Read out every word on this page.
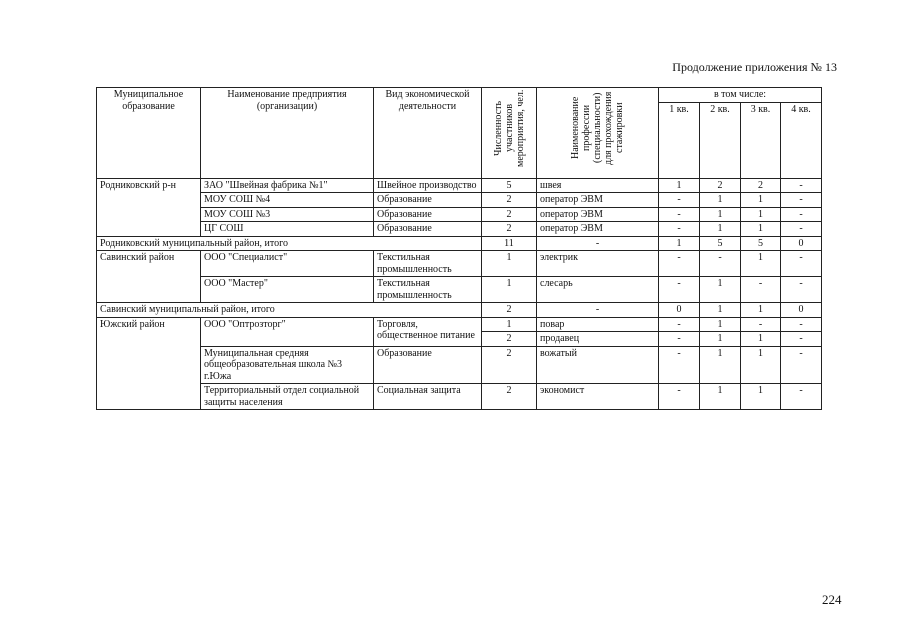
Продолжение приложения № 13
Муниципальное образование	Наименование предприятия (организации)	Вид экономической деятельности	Численность участников мероприятия, чел.	Наименование профессии (специальности) для прохождения стажировки	в том числе:			
					1 кв.	2 кв.	3 кв.	4 кв.
Родниковский р-н	ЗАО "Швейная фабрика №1"	Швейное производство	5	швея	1	2	2	-
	МОУ СОШ №4	Образование	2	оператор ЭВМ	-	1	1	-
	МОУ СОШ №3	Образование	2	оператор ЭВМ	-	1	1	-
	ЦГ СОШ	Образование	2	оператор ЭВМ	-	1	1	-
Родниковский муниципальный район, итого			11	-	1	5	5	0
Савинский район	ООО "Специалист"	Текстильная промышленность	1	электрик	-	-	1	-
	ООО "Мастер"	Текстильная промышленность	1	слесарь	-	1	-	-
Савинский муниципальный район, итого			2	-	0	1	1	0
Южский район	ООО "Оптрозторг"	Торговля, общественное питание	1	повар	-	1	-	-
			2	продавец	-	1	1	-
	Муниципальная средняя общеобразовательная школа №3 г.Южа	Образование	2	вожатый	-	1	1	-
	Территориальный отдел социальной защиты населения	Социальная защита	2	экономист	-	1	1	-
224
